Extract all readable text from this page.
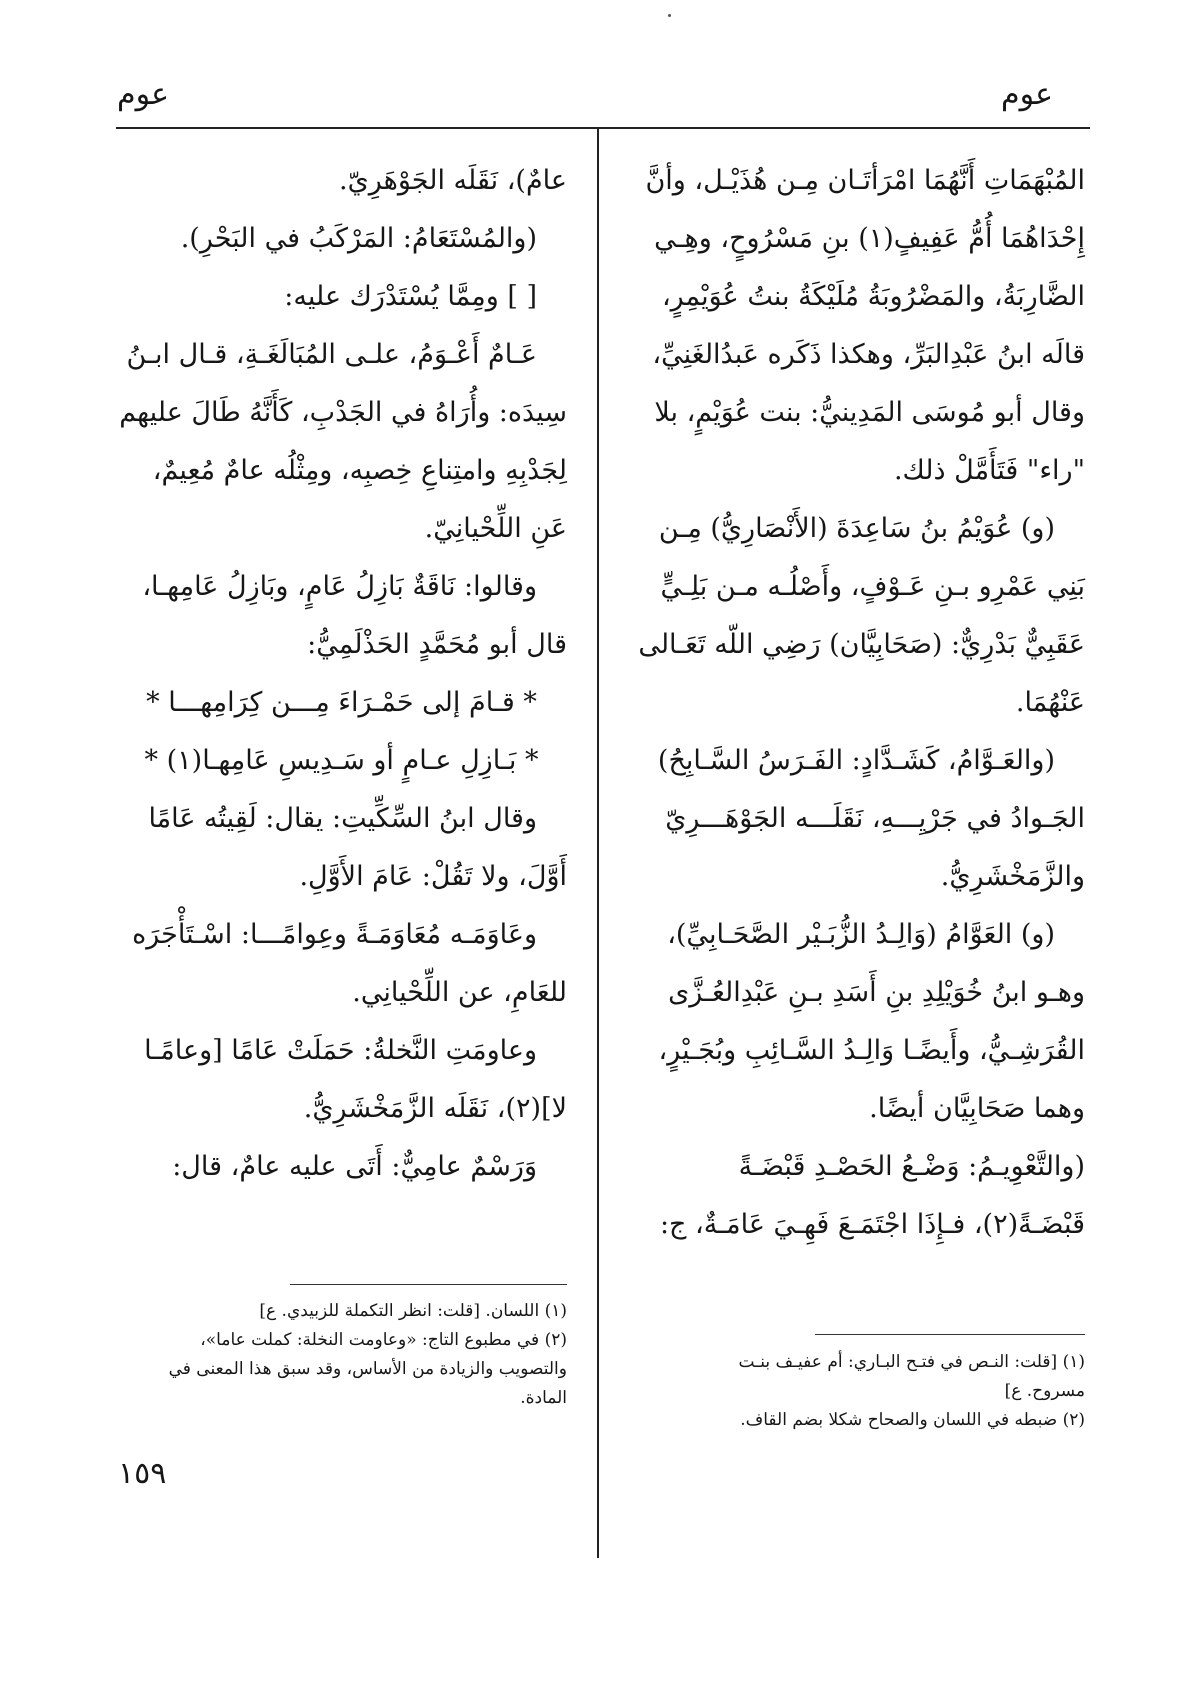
عوم
عوم

المُبْهَمَاتِ أَنَّهُمَا امْرَأتَـان مِـن هُذَيْـل، وأنَّ

إِحْدَاهُمَا أُمُّ عَفِيفٍ(١) بنِ مَسْرُوحٍ، وهِـي

الضَّارِبَةُ، والمَضْرُوبَةُ مُلَيْكَةُ بنتُ عُوَيْمِرٍ،

قالَه ابنُ عَبْدِالبَرِّ، وهكذا ذَكَره عَبدُالغَنِيِّ،

وقال أبو مُوسَى المَدِينيُّ: بنت عُوَيْمٍ، بلا

"راء" فَتَأَمَّلْ ذلك.

(و) عُوَيْمُ بنُ سَاعِدَةَ (الأَنْصَارِيُّ) مِـن

بَنِي عَمْرِو بـنِ عَـوْفٍ، وأَصْلُـه مـن بَلِـيٍّ

عَقَبِيٌّ بَدْرِيٌّ: (صَحَابِيَّان) رَضِي اللّه تَعَـالى

عَنْهُمَا.

(والعَـوَّامُ، كَشَـدَّادٍ: الفَـرَسُ السَّـابِحُ)

الجَـوادُ في جَرْيِـــهِ، نَقَلَـــه الجَوْهَـــرِيّ

والزَّمَخْشَرِيُّ.

(و) العَوَّامُ (وَالِـدُ الزُّبَـيْر الصَّحَـابِيِّ)،

وهـو ابنُ خُوَيْلِدِ بنِ أَسَدِ بـنِ عَبْدِالعُـزَّى

القُرَشِـيُّ، وأَيضًـا وَالِـدُ السَّـائِبِ وبُجَـيْرٍ،

وهما صَحَابِيَّان أيضًا.

(والتَّعْوِيـمُ: وَضْـعُ الحَصْـدِ قَبْضَـةً

قَبْضَـةً(٢)، فـإِذَا اجْتَمَـعَ فَهِـيَ عَامَـةٌ، ج:

عامٌ)، نَقَلَه الجَوْهَرِيّ.

(والمُسْتَعَامُ: المَرْكَبُ في البَحْرِ).

[ ] ومِمَّا يُسْتَدْرَك عليه:

عَـامٌ أَعْـوَمُ، علـى المُبَالَغَـةِ، قـال ابـنُ

سِيدَه: وأُرَاهُ في الجَدْبِ، كَأَنَّهُ طَالَ عليهم

لِجَدْبِهِ وامتِناعِ خِصبِه، ومِثْلُه عامٌ مُعِيمٌ،

عَنِ اللِّحْيانِيّ.

وقالوا: نَاقَةٌ بَازِلُ عَامٍ، وبَازِلُ عَامِهـا،

قال أبو مُحَمَّدٍ الحَذْلَمِيُّ:

* قـامَ إلى حَمْـرَاءَ مِـــن كِرَامِهـــا *

* بَـازِلِ عـامٍ أو سَـدِيسِ عَامِهـا(١) *

وقال ابنُ السِّكِّيتِ: يقال: لَقِيتُه عَامًا

أَوَّلَ، ولا تَقُلْ: عَامَ الأَوَّلِ.

وعَاوَمَـه مُعَاوَمَـةً وعِوامًـــا: اسْـتَأْجَرَه

للعَامِ، عن اللِّحْيانِي.

وعاومَتِ النَّخلةُ: حَمَلَتْ عَامًا [وعامًـا

لا](٢)، نَقَلَه الزَّمَخْشَرِيُّ.

وَرَسْمٌ عامِيٌّ: أَتَى عليه عامٌ، قال:

(١) [قلت: النـص في فتـح البـاري: أم عفيـف بنـت

مسروح. ع]

(٢) ضبطه في اللسان والصحاح شكلا بضم القاف.

(١) اللسان. [قلت: انظر التكملة للزبيدي. ع]

(٢) في مطبوع التاج: «وعاومت النخلة: كملت عاما»،

والتصويب والزيادة من الأساس، وقد سبق هذا المعنى في

المادة.

١٥٩
